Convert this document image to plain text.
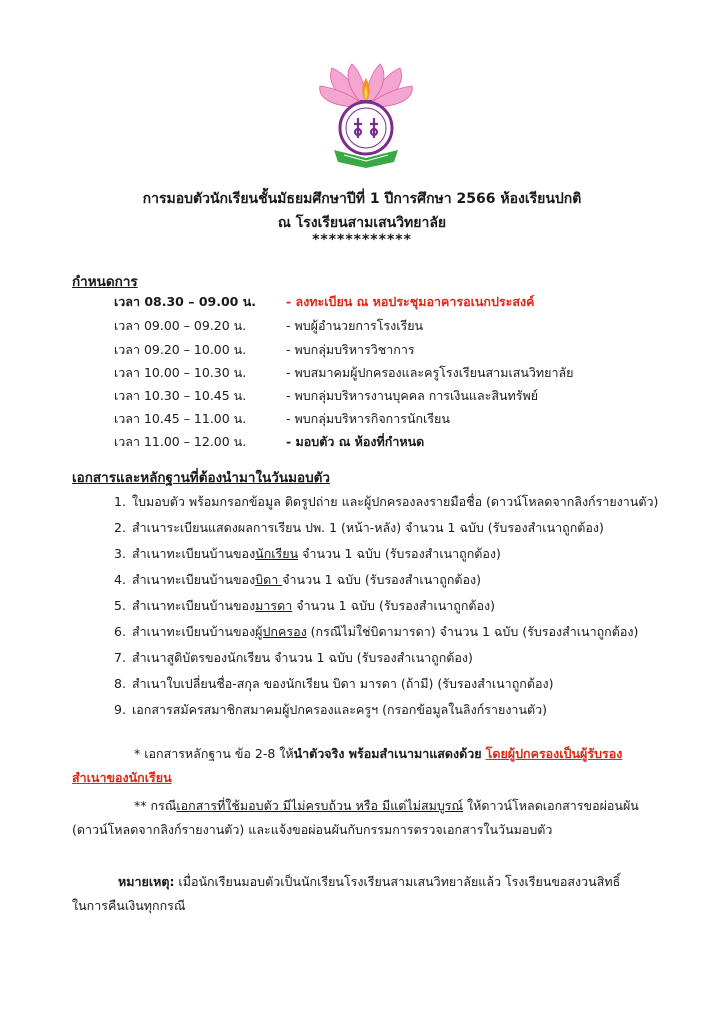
การมอบตัวนักเรียนชั้นมัธยมศึกษาปีที่ 1 ปีการศึกษา 2566 ห้องเรียนปกติ
ณ โรงเรียนสามเสนวิทยาลัย
************
กำหนดการ
เวลา 08.30 – 09.00 น. - ลงทะเบียน ณ หอประชุมอาคารอเนกประสงค์
เวลา 09.00 – 09.20 น.	- พบผู้อำนวยการโรงเรียน
เวลา 09.20 – 10.00 น.	- พบกลุ่มบริหารวิชาการ
เวลา 10.00 – 10.30 น.	- พบสมาคมผู้ปกครองและครูโรงเรียนสามเสนวิทยาลัย
เวลา 10.30 – 10.45 น.	- พบกลุ่มบริหารงานบุคคล การเงินและสินทรัพย์
เวลา 10.45 – 11.00 น.	- พบกลุ่มบริหารกิจการนักเรียน
เวลา 11.00 – 12.00 น.	- มอบตัว ณ ห้องที่กำหนด
เอกสารและหลักฐานที่ต้องนำมาในวันมอบตัว
1. ใบมอบตัว พร้อมกรอกข้อมูล ติดรูปถ่าย และผู้ปกครองลงรายมือชื่อ (ดาวน์โหลดจากลิงก์รายงานตัว)
2. สำเนาระเบียนแสดงผลการเรียน ปพ. 1 (หน้า-หลัง) จำนวน 1 ฉบับ (รับรองสำเนาถูกต้อง)
3. สำเนาทะเบียนบ้านของนักเรียน จำนวน 1 ฉบับ (รับรองสำเนาถูกต้อง)
4. สำเนาทะเบียนบ้านของบิดา จำนวน 1 ฉบับ (รับรองสำเนาถูกต้อง)
5. สำเนาทะเบียนบ้านของมารดา จำนวน 1 ฉบับ (รับรองสำเนาถูกต้อง)
6. สำเนาทะเบียนบ้านของผู้ปกครอง (กรณีไม่ใช่บิดามารดา) จำนวน 1 ฉบับ (รับรองสำเนาถูกต้อง)
7. สำเนาสูติบัตรของนักเรียน จำนวน 1 ฉบับ (รับรองสำเนาถูกต้อง)
8. สำเนาใบเปลี่ยนชื่อ-สกุล ของนักเรียน บิดา มารดา (ถ้ามี) (รับรองสำเนาถูกต้อง)
9. เอกสารสมัครสมาชิกสมาคมผู้ปกครองและครูฯ (กรอกข้อมูลในลิงก์รายงานตัว)
* เอกสารหลักฐาน ข้อ 2-8 ให้นำตัวจริง พร้อมสำเนามาแสดงด้วย โดยผู้ปกครองเป็นผู้รับรอง
สำเนาของนักเรียน
** กรณีเอกสารที่ใช้มอบตัว มีไม่ครบถ้วน หรือ มีแต่ไม่สมบูรณ์ ให้ดาวน์โหลดเอกสารขอผ่อนผัน
(ดาวน์โหลดจากลิงก์รายงานตัว) และแจ้งขอผ่อนผันกับกรรมการตรวจเอกสารในวันมอบตัว
หมายเหตุ: เมื่อนักเรียนมอบตัวเป็นนักเรียนโรงเรียนสามเสนวิทยาลัยแล้ว โรงเรียนขอสงวนสิทธิ์
ในการคืนเงินทุกกรณี
